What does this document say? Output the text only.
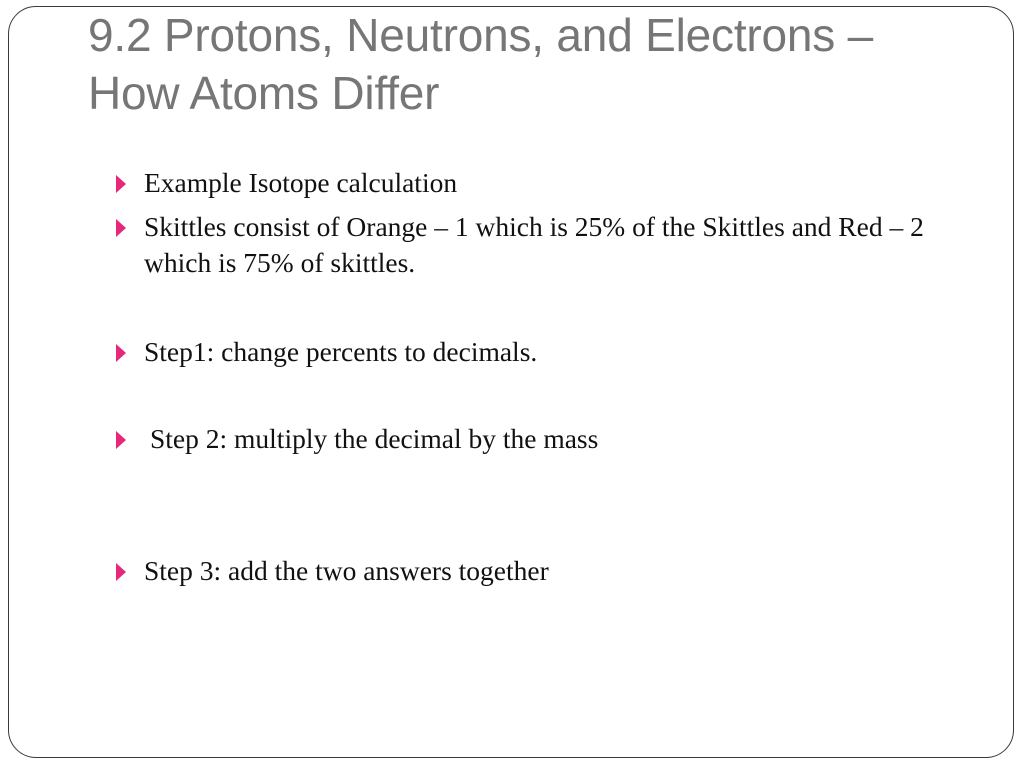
9.2 Protons, Neutrons, and Electrons – How Atoms Differ
Example Isotope calculation
Skittles consist of Orange – 1 which is 25% of the Skittles and Red – 2 which is 75% of skittles.
Step1: change percents to decimals.
Step 2: multiply the decimal by the mass
Step 3: add the two answers together
